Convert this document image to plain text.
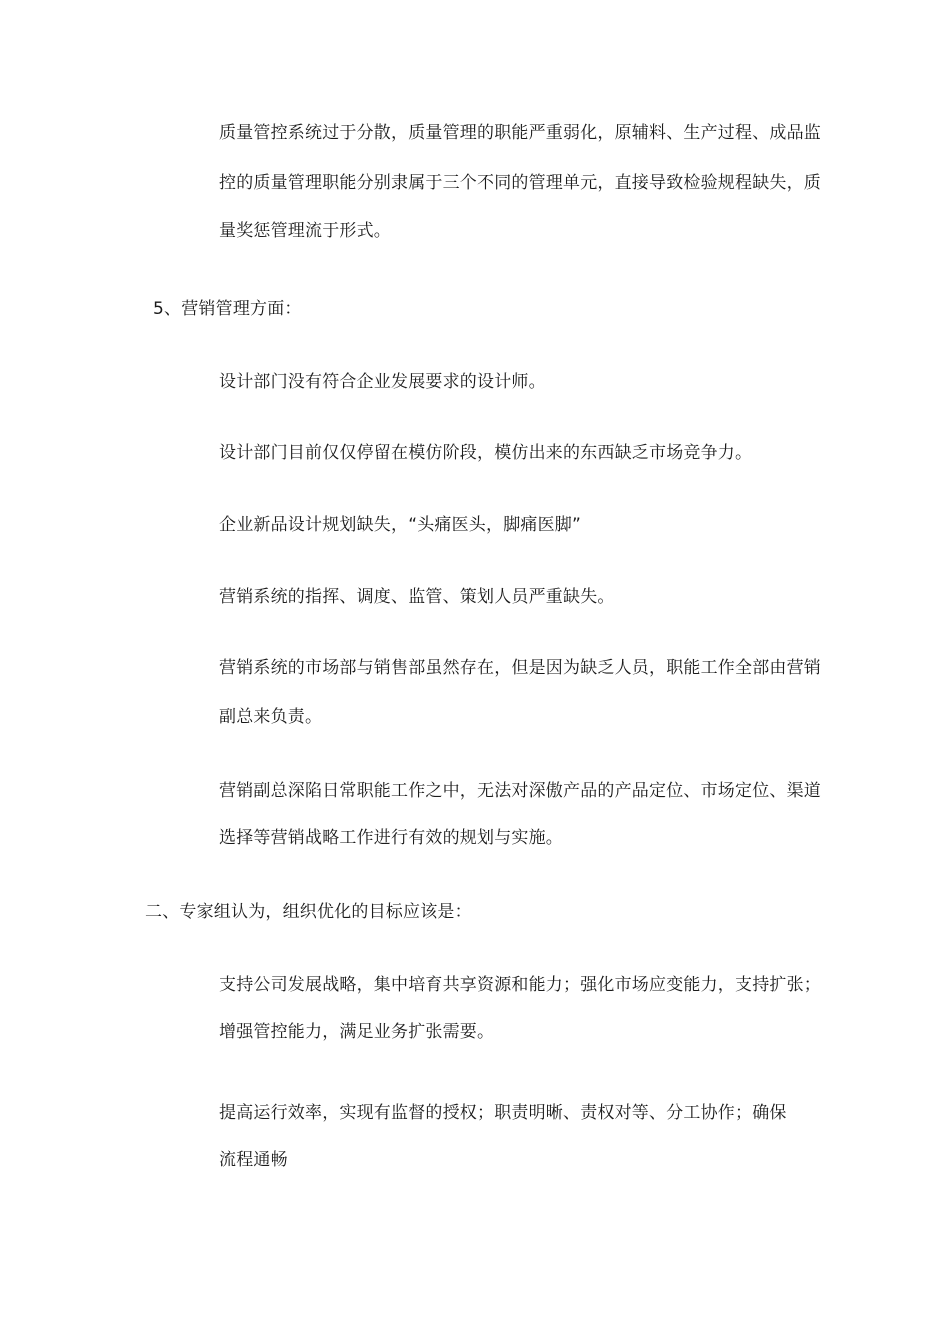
质量管控系统过于分散，质量管理的职能严重弱化，原辅料、生产过程、成品监
控的质量管理职能分别隶属于三个不同的管理单元，直接导致检验规程缺失，质
量奖惩管理流于形式。
5、营销管理方面：
设计部门没有符合企业发展要求的设计师。
设计部门目前仅仅停留在模仿阶段，模仿出来的东西缺乏市场竞争力。
企业新品设计规划缺失，“头痛医头，脚痛医脚”
营销系统的指挥、调度、监管、策划人员严重缺失。
营销系统的市场部与销售部虽然存在，但是因为缺乏人员，职能工作全部由营销
副总来负责。
营销副总深陷日常职能工作之中，无法对深傲产品的产品定位、市场定位、渠道
选择等营销战略工作进行有效的规划与实施。
二、专家组认为，组织优化的目标应该是：
支持公司发展战略，集中培育共享资源和能力；强化市场应变能力，支持扩张；
增强管控能力，满足业务扩张需要。
提高运行效率，实现有监督的授权；职责明晰、责权对等、分工协作；确保
流程通畅
